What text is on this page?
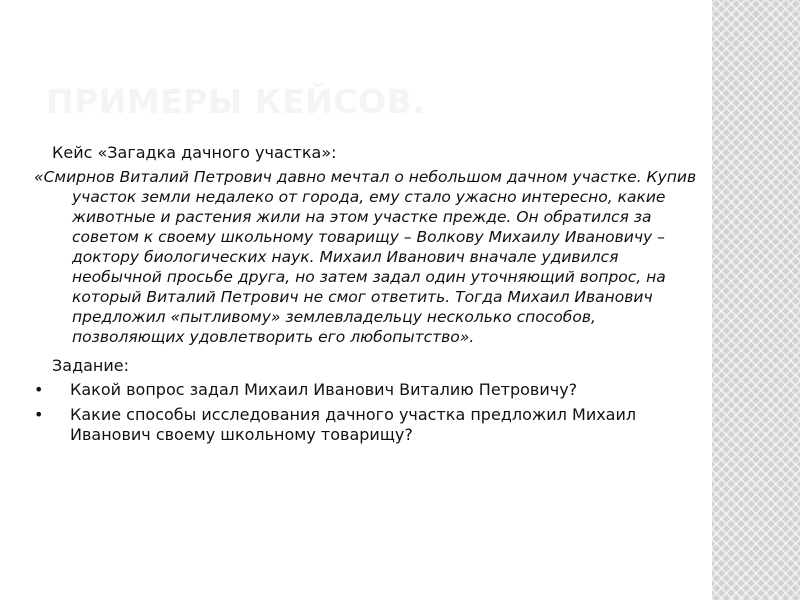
ПРИМЕРЫ КЕЙСОВ.

Кейс «Загадка дачного участка»:

«Смирнов Виталий Петрович давно мечтал о небольшом дачном участке. Купив участок земли недалеко от города, ему стало ужасно интересно, какие животные и растения жили на этом участке прежде. Он обратился за советом к своему школьному товарищу – Волкову Михаилу Ивановичу – доктору биологических наук. Михаил Иванович вначале удивился необычной просьбе друга, но затем задал один уточняющий вопрос, на который Виталий Петрович не смог ответить. Тогда Михаил Иванович предложил «пытливому» землевладельцу несколько способов, позволяющих удовлетворить его любопытство».

Задание:

• Какой вопрос задал Михаил Иванович Виталию Петровичу?
• Какие способы исследования дачного участка предложил Михаил Иванович своему школьному товарищу?
